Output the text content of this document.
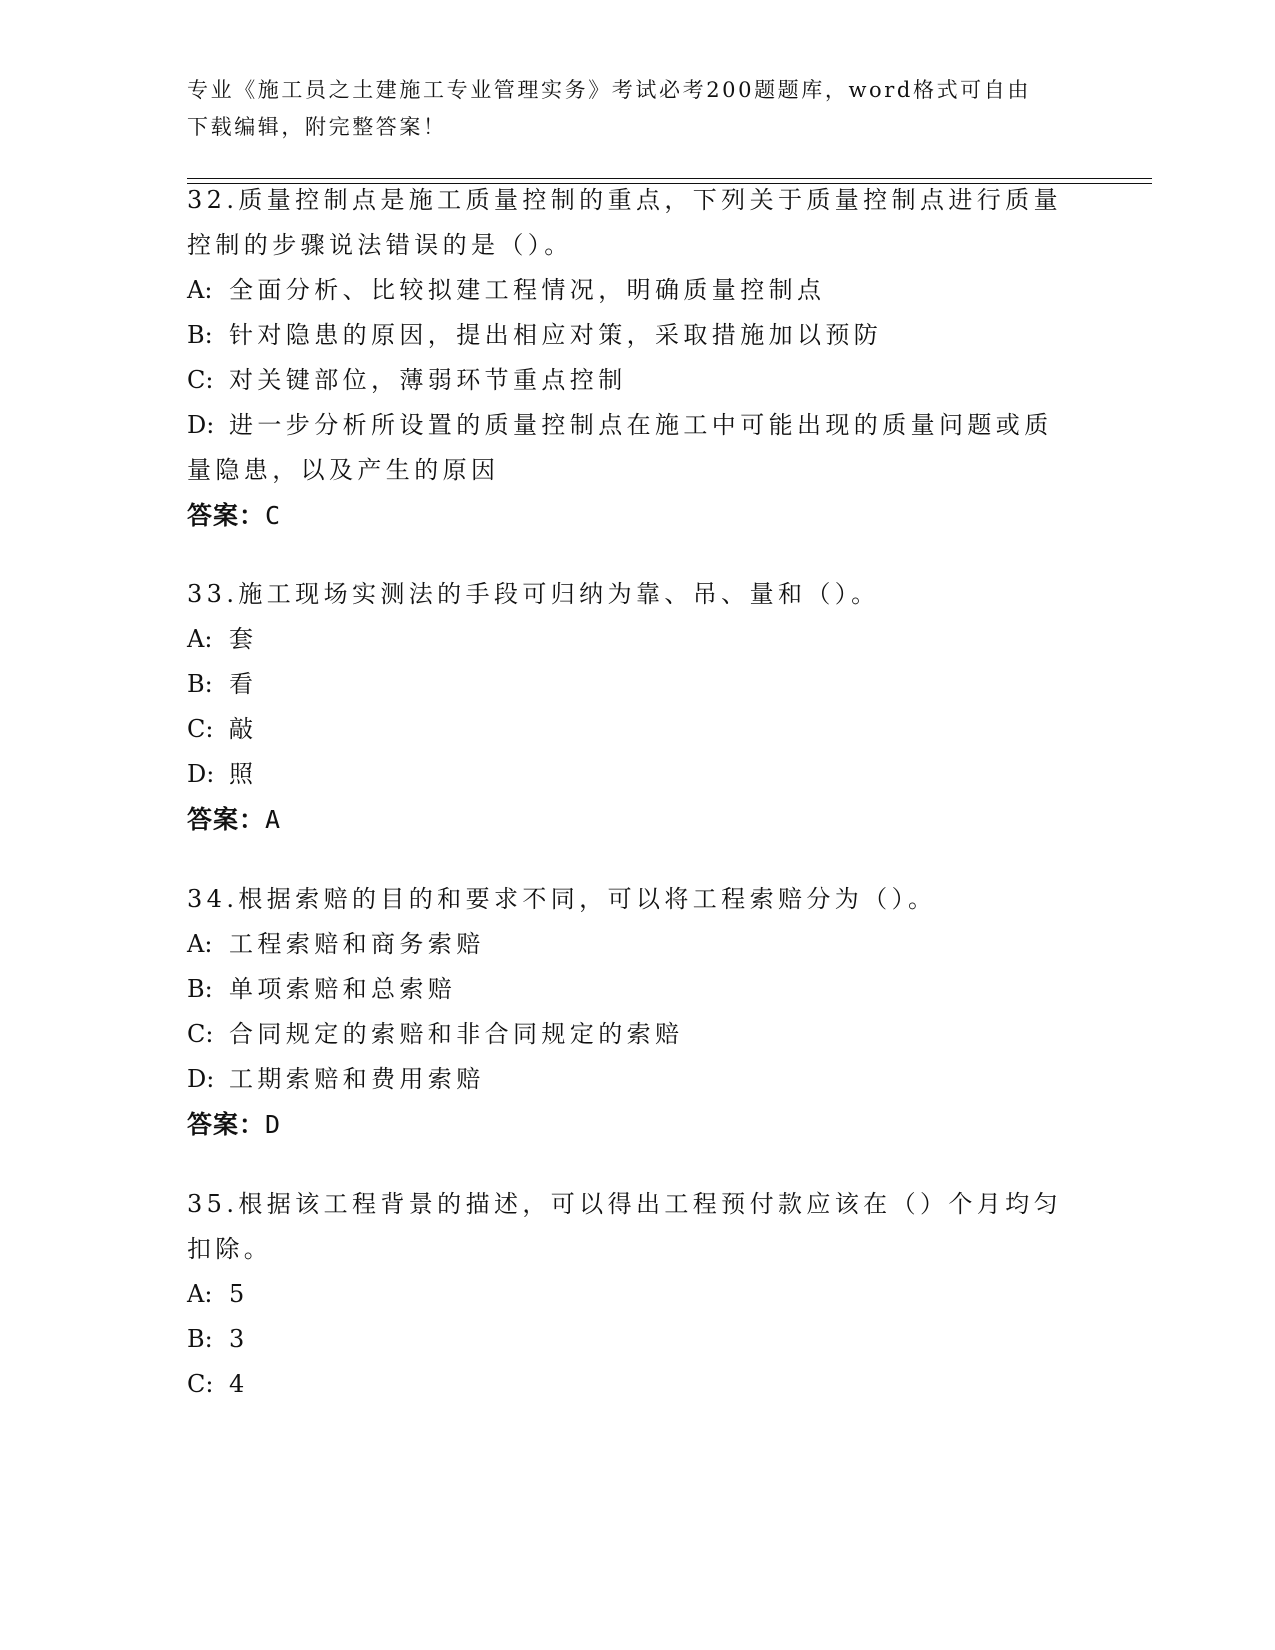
专业《施工员之土建施工专业管理实务》考试必考200题题库，word格式可自由
下载编辑，附完整答案！
32.质量控制点是施工质量控制的重点，下列关于质量控制点进行质量
控制的步骤说法错误的是（）。
A: 全面分析、比较拟建工程情况，明确质量控制点
B: 针对隐患的原因，提出相应对策，采取措施加以预防
C: 对关键部位，薄弱环节重点控制
D: 进一步分析所设置的质量控制点在施工中可能出现的质量问题或质
量隐患，以及产生的原因
答案：C
33.施工现场实测法的手段可归纳为靠、吊、量和（）。
A: 套
B: 看
C: 敲
D: 照
答案：A
34.根据索赔的目的和要求不同，可以将工程索赔分为（）。
A: 工程索赔和商务索赔
B: 单项索赔和总索赔
C: 合同规定的索赔和非合同规定的索赔
D: 工期索赔和费用索赔
答案：D
35.根据该工程背景的描述，可以得出工程预付款应该在（）个月均匀
扣除。
A: 5
B: 3
C: 4
